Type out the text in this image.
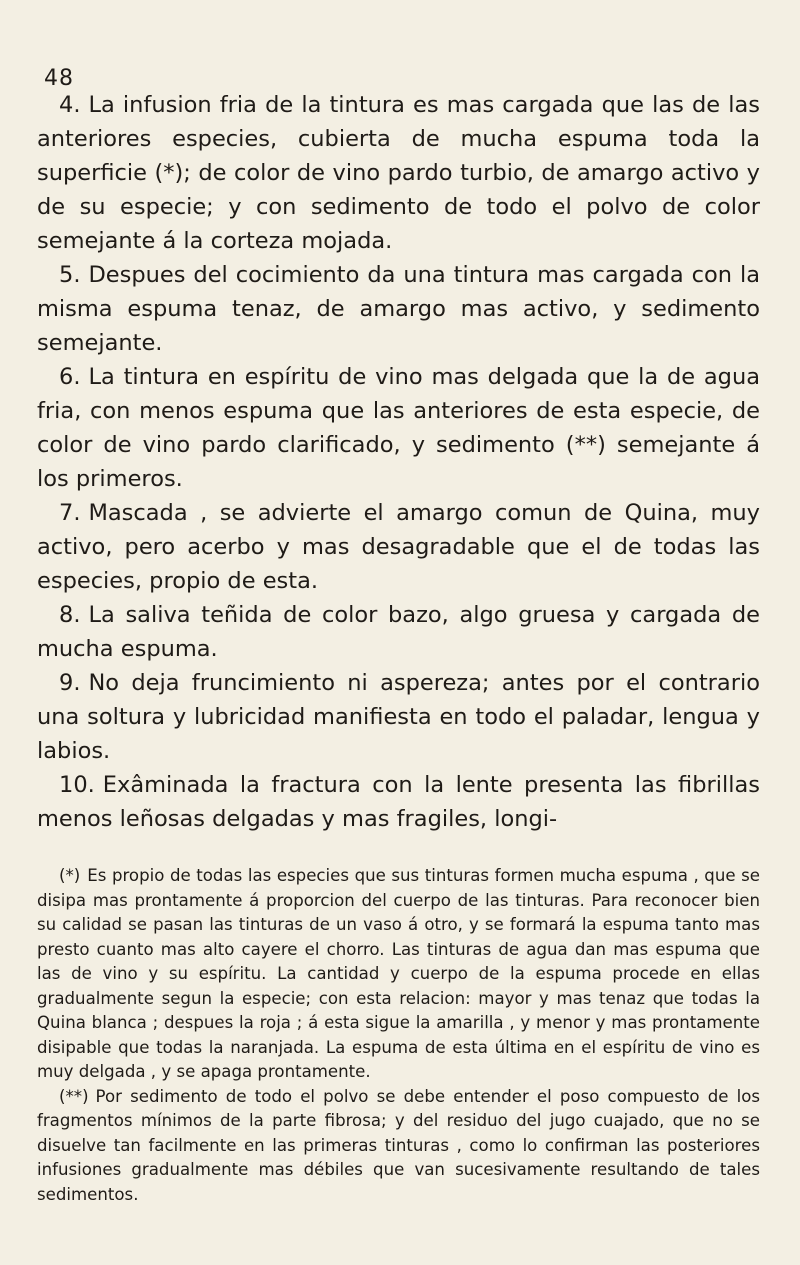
48

4. La infusion fria de la tintura es mas cargada que las de las anteriores especies, cubierta de mucha espuma toda la superficie (*); de color de vino pardo turbio, de amargo activo y de su especie; y con sedimento de todo el polvo de color semejante á la corteza mojada.

5. Despues del cocimiento da una tintura mas cargada con la misma espuma tenaz, de amargo mas activo, y sedimento semejante.

6. La tintura en espíritu de vino mas delgada que la de agua fria, con menos espuma que las anteriores de esta especie, de color de vino pardo clarificado, y sedimento (**) semejante á los primeros.

7. Mascada , se advierte el amargo comun de Quina, muy activo, pero acerbo y mas desagradable que el de todas las especies, propio de esta.

8. La saliva teñida de color bazo, algo gruesa y cargada de mucha espuma.

9. No deja fruncimiento ni aspereza; antes por el contrario una soltura y lubricidad manifiesta en todo el paladar, lengua y labios.

10. Exâminada la fractura con la lente presenta las fibrillas menos leñosas delgadas y mas fragiles, longi-

(*) Es propio de todas las especies que sus tinturas formen mucha espuma , que se disipa mas prontamente á proporcion del cuerpo de las tinturas. Para reconocer bien su calidad se pasan las tinturas de un vaso á otro, y se formará la espuma tanto mas presto cuanto mas alto cayere el chorro. Las tinturas de agua dan mas espuma que las de vino y su espíritu. La cantidad y cuerpo de la espuma procede en ellas gradualmente segun la especie; con esta relacion: mayor y mas tenaz que todas la Quina blanca ; despues la roja ; á esta sigue la amarilla , y menor y mas prontamente disipable que todas la naranjada. La espuma de esta última en el espíritu de vino es muy delgada , y se apaga prontamente.

(**) Por sedimento de todo el polvo se debe entender el poso compuesto de los fragmentos mínimos de la parte fibrosa; y del residuo del jugo cuajado, que no se disuelve tan facilmente en las primeras tinturas , como lo confirman las posteriores infusiones gradualmente mas débiles que van sucesivamente resultando de tales sedimentos.
